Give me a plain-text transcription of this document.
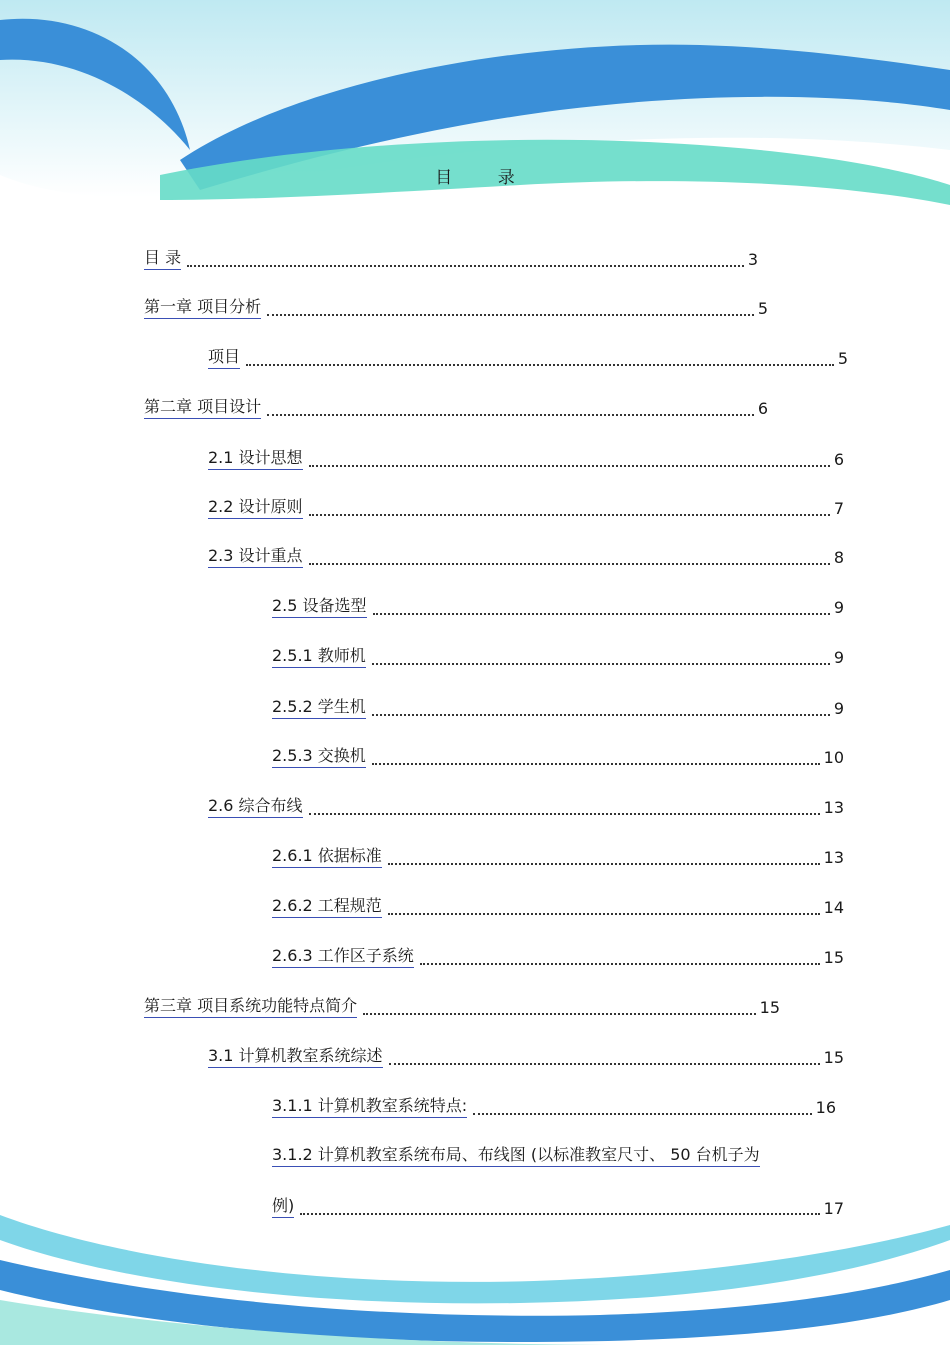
目 录
目 录	3
第一章 项目分析	5
项目	5
第二章 项目设计	6
2.1 设计思想	6
2.2 设计原则	7
2.3 设计重点	8
2.5 设备选型	9
2.5.1 教师机	9
2.5.2 学生机	9
2.5.3 交换机	10
2.6 综合布线	13
2.6.1 依据标准	13
2.6.2 工程规范	14
2.6.3 工作区子系统	15
第三章 项目系统功能特点简介	15
3.1 计算机教室系统综述	15
3.1.1 计算机教室系统特点:	16
3.1.2 计算机教室系统布局、布线图 (以标准教室尺寸、 50 台机子为
例)	17
